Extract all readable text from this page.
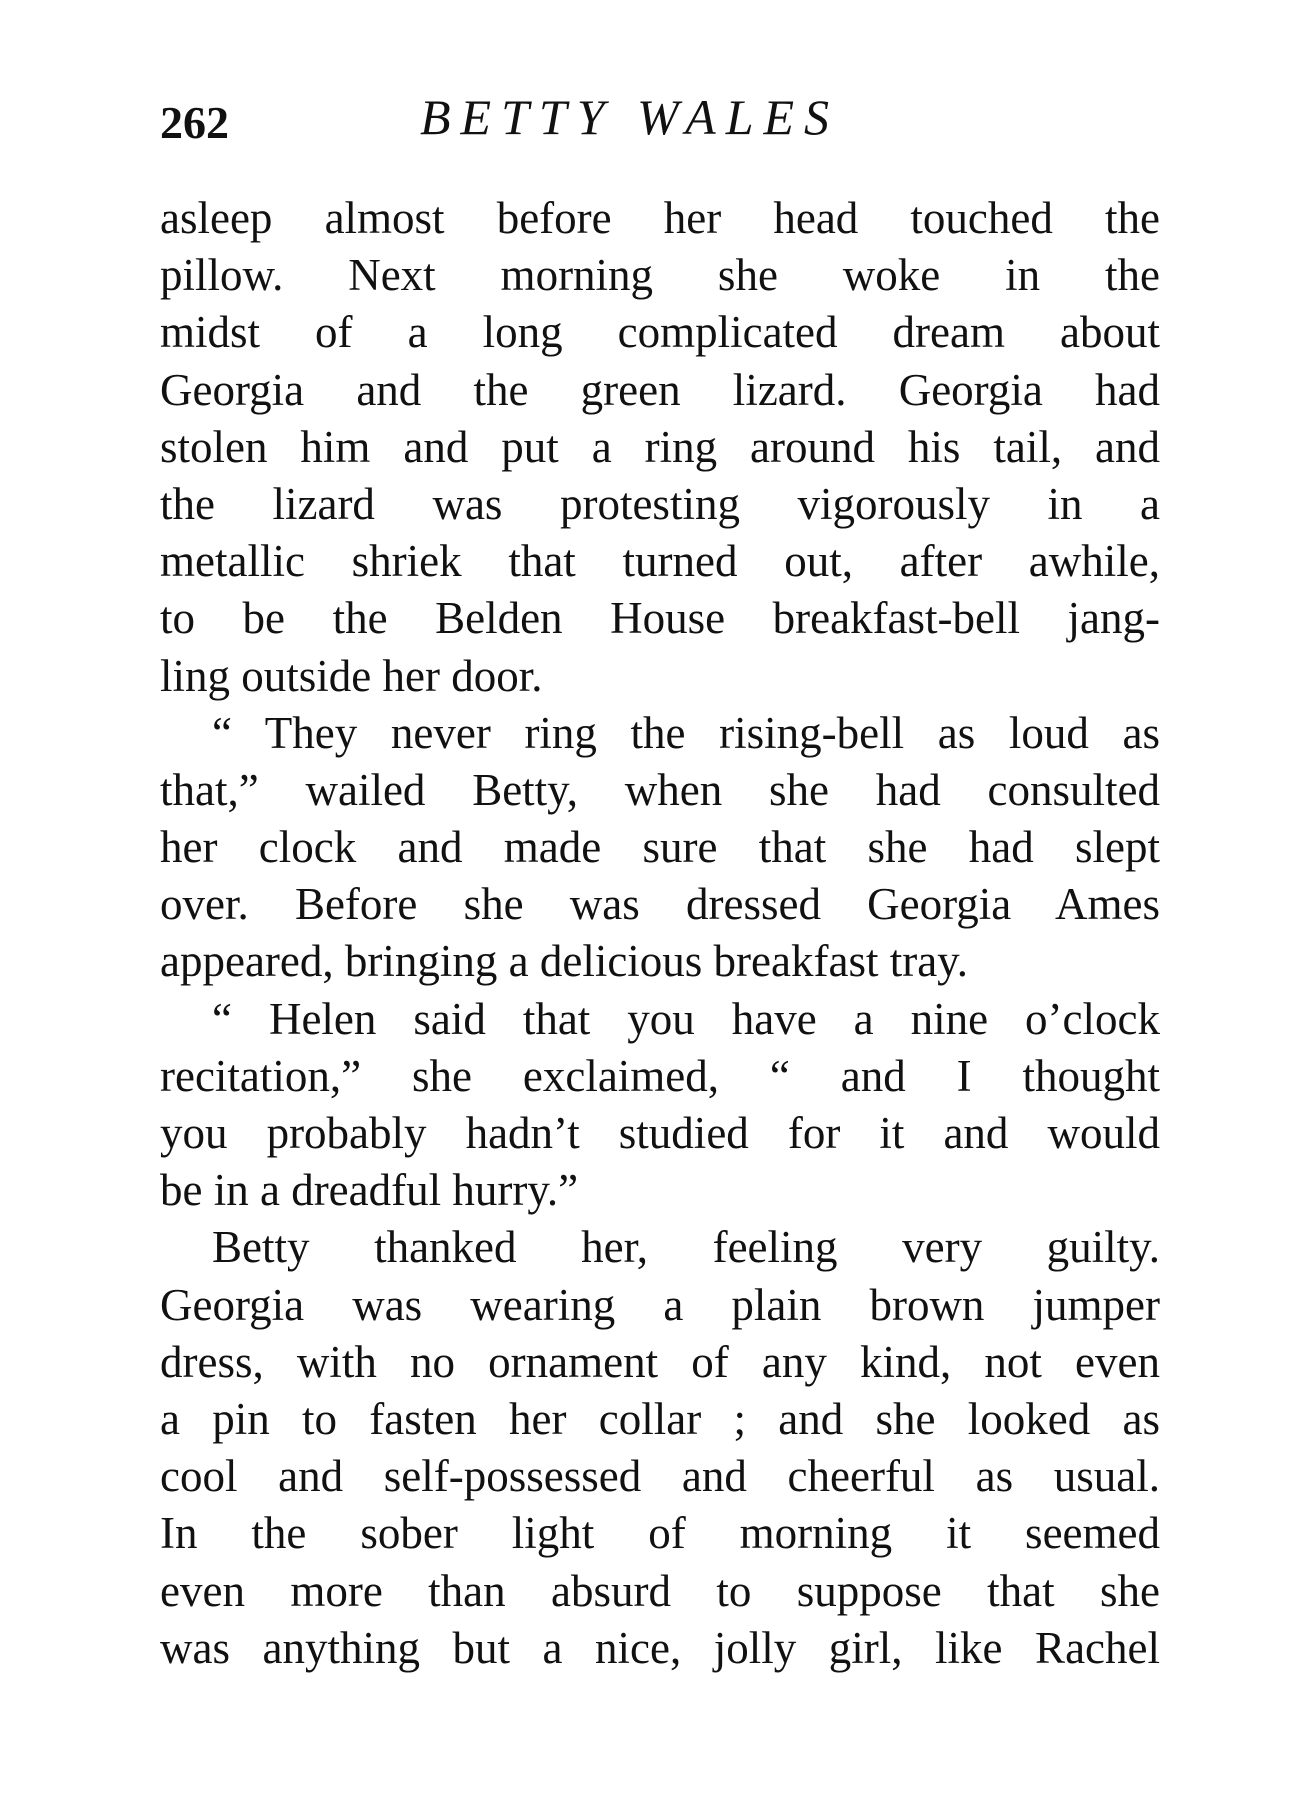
262	BETTY WALES
asleep almost before her head touched the
pillow. Next morning she woke in the
midst of a long complicated dream about
Georgia and the green lizard. Georgia had
stolen him and put a ring around his tail, and
the lizard was protesting vigorously in a
metallic shriek that turned out, after awhile,
to be the Belden House breakfast-bell jang-
ling outside her door.
“ They never ring the rising-bell as loud as
that,” wailed Betty, when she had consulted
her clock and made sure that she had slept
over. Before she was dressed Georgia Ames
appeared, bringing a delicious breakfast tray.
“ Helen said that you have a nine o’clock
recitation,” she exclaimed, “ and I thought
you probably hadn’t studied for it and would
be in a dreadful hurry.”
Betty thanked her, feeling very guilty.
Georgia was wearing a plain brown jumper
dress, with no ornament of any kind, not even
a pin to fasten her collar ; and she looked as
cool and self-possessed and cheerful as usual.
In the sober light of morning it seemed
even more than absurd to suppose that she
was anything but a nice, jolly girl, like Rachel
